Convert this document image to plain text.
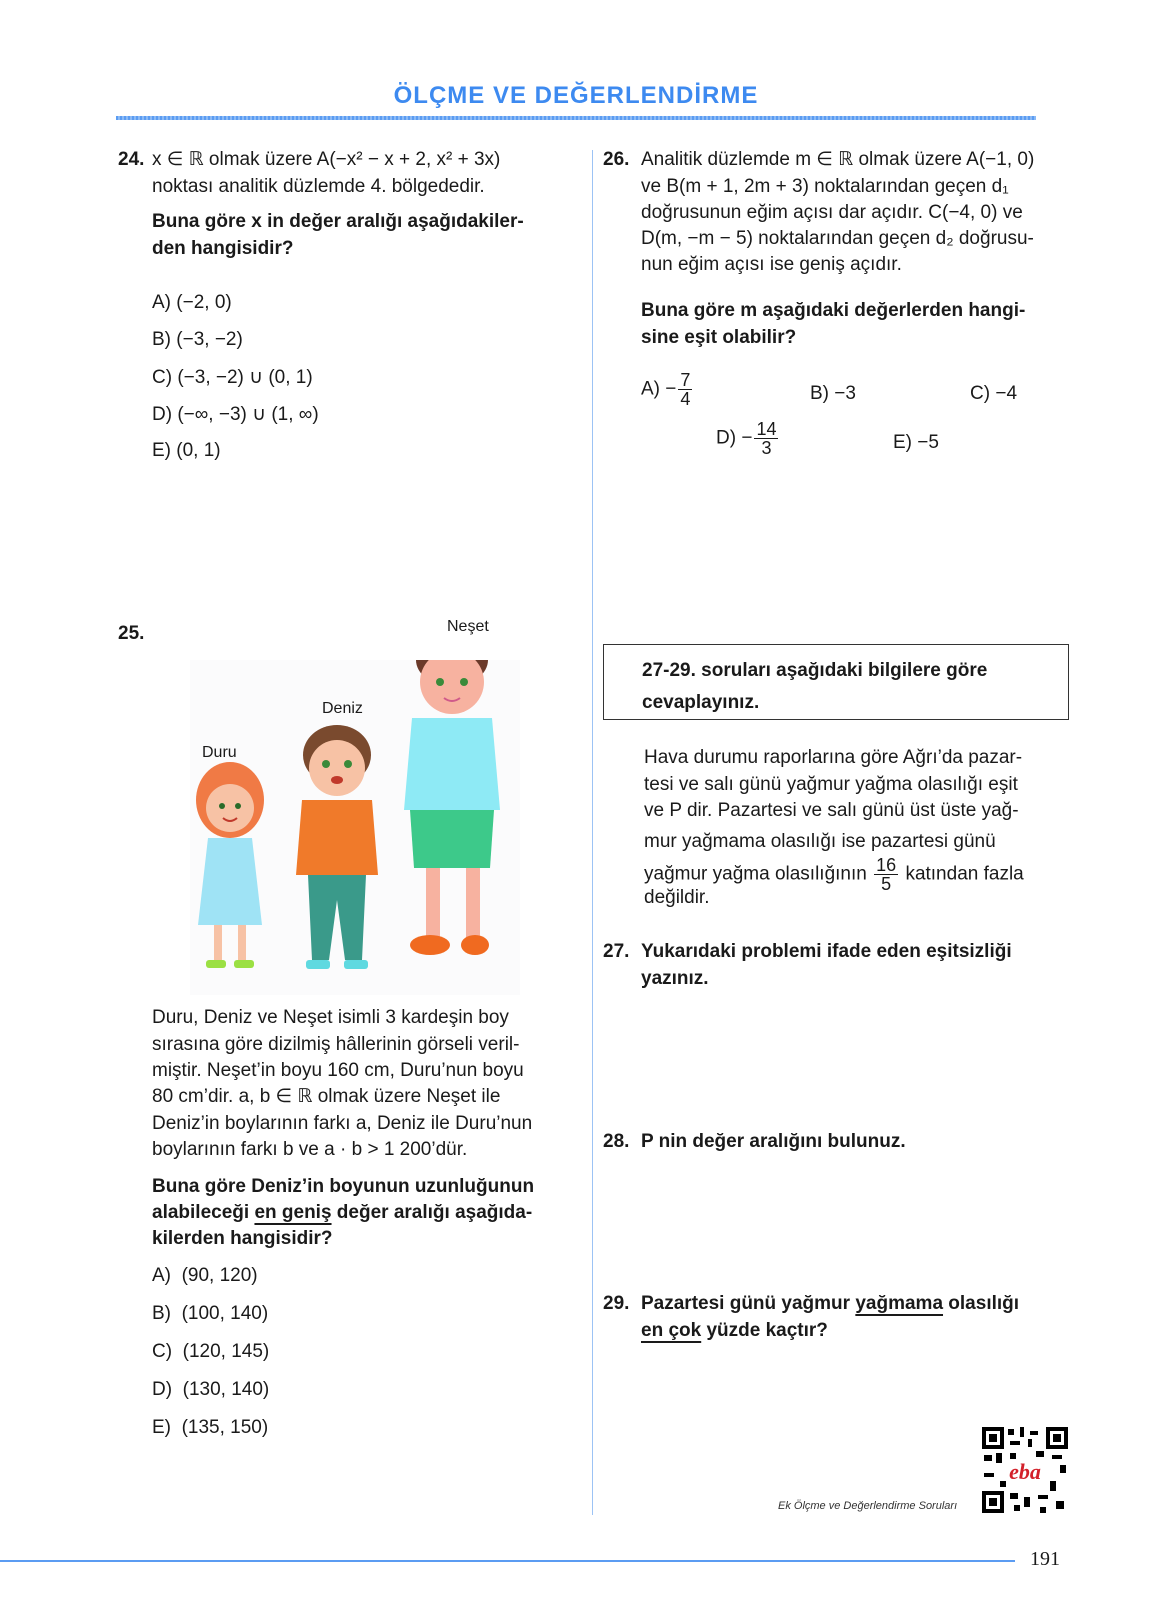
ÖLÇME VE DEĞERLENDİRME
24. x ∈ ℝ olmak üzere A(−x² − x + 2, x² + 3x)
noktası analitik düzlemde 4. bölgededir.
Buna göre x in değer aralığı aşağıdakiler-
den hangisidir?
A) (−2, 0)
B) (−3, −2)
C) (−3, −2) ∪ (0, 1)
D) (−∞, −3) ∪ (1, ∞)
E) (0, 1)
25.
Duru
Deniz
Neşet
Duru, Deniz ve Neşet isimli 3 kardeşin boy
sırasına göre dizilmiş hâllerinin görseli veril-
miştir. Neşet’in boyu 160 cm, Duru’nun boyu
80 cm’dir. a, b ∈ ℝ olmak üzere Neşet ile
Deniz’in boylarının farkı a, Deniz ile Duru’nun
boylarının farkı b ve a · b > 1 200’dür.
Buna göre Deniz’in boyunun uzunluğunun
alabileceği en geniş değer aralığı aşağıda-
kilerden hangisidir?
A) (90, 120)
B) (100, 140)
C) (120, 145)
D) (130, 140)
E) (135, 150)
26. Analitik düzlemde m ∈ ℝ olmak üzere A(−1, 0)
ve B(m + 1, 2m + 3) noktalarından geçen d₁
doğrusunun eğim açısı dar açıdır. C(−4, 0) ve
D(m, −m − 5) noktalarından geçen d₂ doğrusu-
nun eğim açısı ise geniş açıdır.
Buna göre m aşağıdaki değerlerden hangi-
sine eşit olabilir?
$A) - \frac{7}{4}$	B) −3	C) −4
$D) - \frac{14}{3}$	E) −5
27-29. soruları aşağıdaki bilgilere göre
cevaplayınız.
Hava durumu raporlarına göre Ağrı’da pazar-
tesi ve salı günü yağmur yağma olasılığı eşit
ve P dir. Pazartesi ve salı günü üst üste yağ-
mur yağmama olasılığı ise pazartesi günü
yağmur yağma olasılığının $\frac{16}{5}$ katından fazla
değildir.
27. Yukarıdaki problemi ifade eden eşitsizliği
yazınız.
28. P nin değer aralığını bulunuz.
29. Pazartesi günü yağmur yağmama olasılığı
en çok yüzde kaçtır?
Ek Ölçme ve Değerlendirme Soruları
eba
191
